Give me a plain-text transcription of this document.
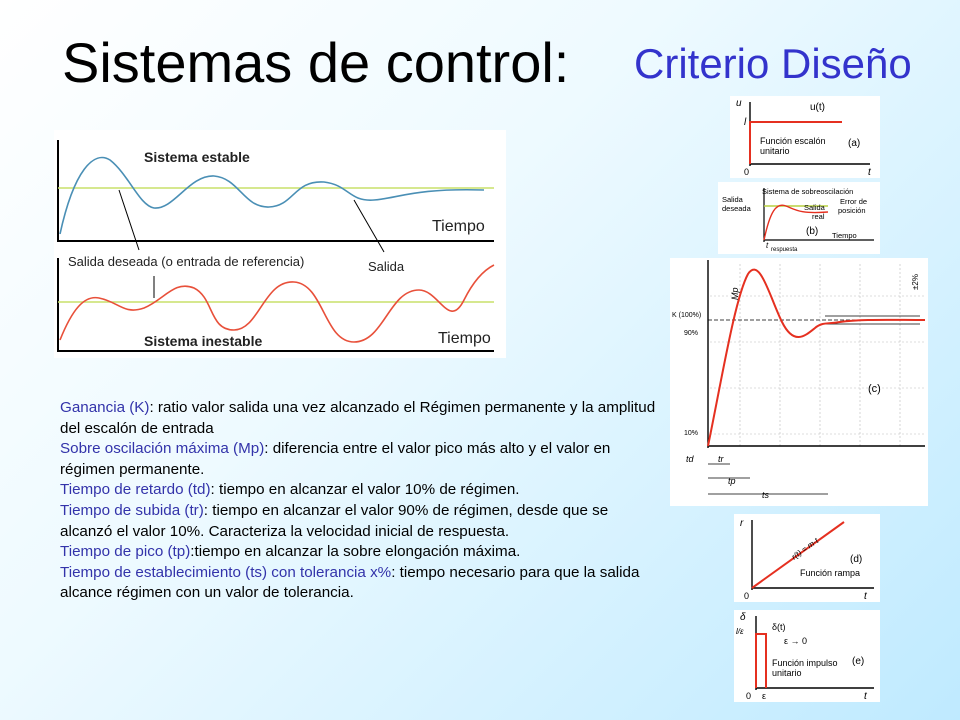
Sistemas de control: Criterio Diseño
Sistema estable
Tiempo
Salida deseada (o entrada de referencia)	Salida
Sistema inestable	Tiempo
u	u(t)
l
Función escalón
unitario
(a)
0	t
Sistema de sobreoscilación
Salida
deseada	Salida
real
Error de
posición
(b) Tiempo
t respuesta
K (100%)
90%
10%
Mp
±2%
(c)
td	tr
tp
ts
r
r(t) = m·t	(d)
Función rampa
0	t
δ
l/ε	δ(t)
ε → 0
Función impulso
unitario
(e)
0 ε	t

Ganancia (K): ratio valor salida una vez alcanzado el Régimen permanente y la amplitud del escalón de entrada

Sobre oscilación máxima (Mp): diferencia entre el valor pico más alto y el valor en régimen permanente.

Tiempo de retardo (td): tiempo en alcanzar el valor 10% de régimen.

Tiempo de subida (tr): tiempo en alcanzar el valor 90% de régimen, desde que se alcanzó el valor 10%. Caracteriza la velocidad inicial de respuesta.

Tiempo de pico (tp):tiempo en alcanzar la sobre elongación máxima.

Tiempo de establecimiento (ts) con tolerancia x%: tiempo necesario para que la salida alcance régimen con un valor de tolerancia.
